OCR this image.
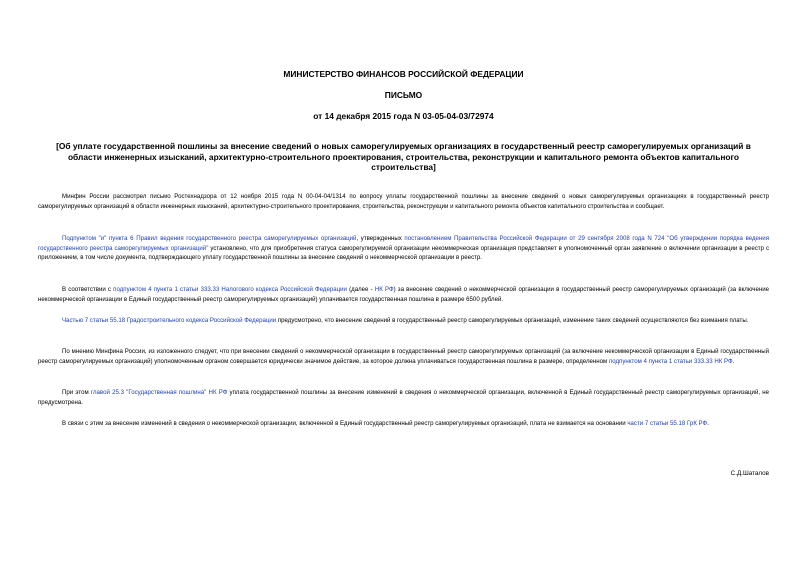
МИНИСТЕРСТВО ФИНАНСОВ РОССИЙСКОЙ ФЕДЕРАЦИИ
ПИСЬМО
от 14 декабря 2015 года N 03-05-04-03/72974
[Об уплате государственной пошлины за внесение сведений о новых саморегулируемых организациях в государственный реестр саморегулируемых организаций в области инженерных изысканий, архитектурно-строительного проектирования, строительства, реконструкции и капитального ремонта объектов капитального строительства]

Минфин России рассмотрел письмо Ростехнадзора от 12 ноября 2015 года N 00-04-04/1314 по вопросу уплаты государственной пошлины за внесение сведений о новых саморегулируемых организациях в государственный реестр саморегулируемых организаций в области инженерных изысканий, архитектурно-строительного проектирования, строительства, реконструкции и капитального ремонта объектов капитального строительства и сообщает.

Подпунктом "и" пункта 6 Правил ведения государственного реестра саморегулируемых организаций, утвержденных постановлением Правительства Российской Федерации от 29 сентября 2008 года N 724 "Об утверждении порядка ведения государственного реестра саморегулируемых организаций" установлено, что для приобретения статуса саморегулируемой организации некоммерческая организация представляет в уполномоченный орган заявление о включении организации в реестр с приложением, в том числе документа, подтверждающего уплату государственной пошлины за внесение сведений о некоммерческой организации в реестр.

В соответствии с подпунктом 4 пункта 1 статьи 333.33 Налогового кодекса Российской Федерации (далее - НК РФ) за внесение сведений о некоммерческой организации в государственный реестр саморегулируемых организаций (за включение некоммерческой организации в Единый государственный реестр саморегулируемых организаций) уплачивается государственная пошлина в размере 6500 рублей.

Частью 7 статьи 55.18 Градостроительного кодекса Российской Федерации предусмотрено, что внесение сведений в государственный реестр саморегулируемых организаций, изменение таких сведений осуществляются без взимания платы.

По мнению Минфина России, из изложенного следует, что при внесении сведений о некоммерческой организации в государственный реестр саморегулируемых организаций (за включение некоммерческой организации в Единый государственный реестр саморегулируемых организаций) уполномоченным органом совершается юридически значимое действие, за которое должна уплачиваться государственная пошлина в размере, определенном подпунктом 4 пункта 1 статьи 333.33 НК РФ.

При этом главой 25.3 "Государственная пошлина" НК РФ уплата государственной пошлины за внесение изменений в сведения о некоммерческой организации, включенной в Единый государственный реестр саморегулируемых организаций, не предусмотрена.

В связи с этим за внесение изменений в сведения о некоммерческой организации, включенной в Единый государственный реестр саморегулируемых организаций, плата не взимается на основании части 7 статьи 55.18 ГрК РФ.

С.Д.Шаталов
